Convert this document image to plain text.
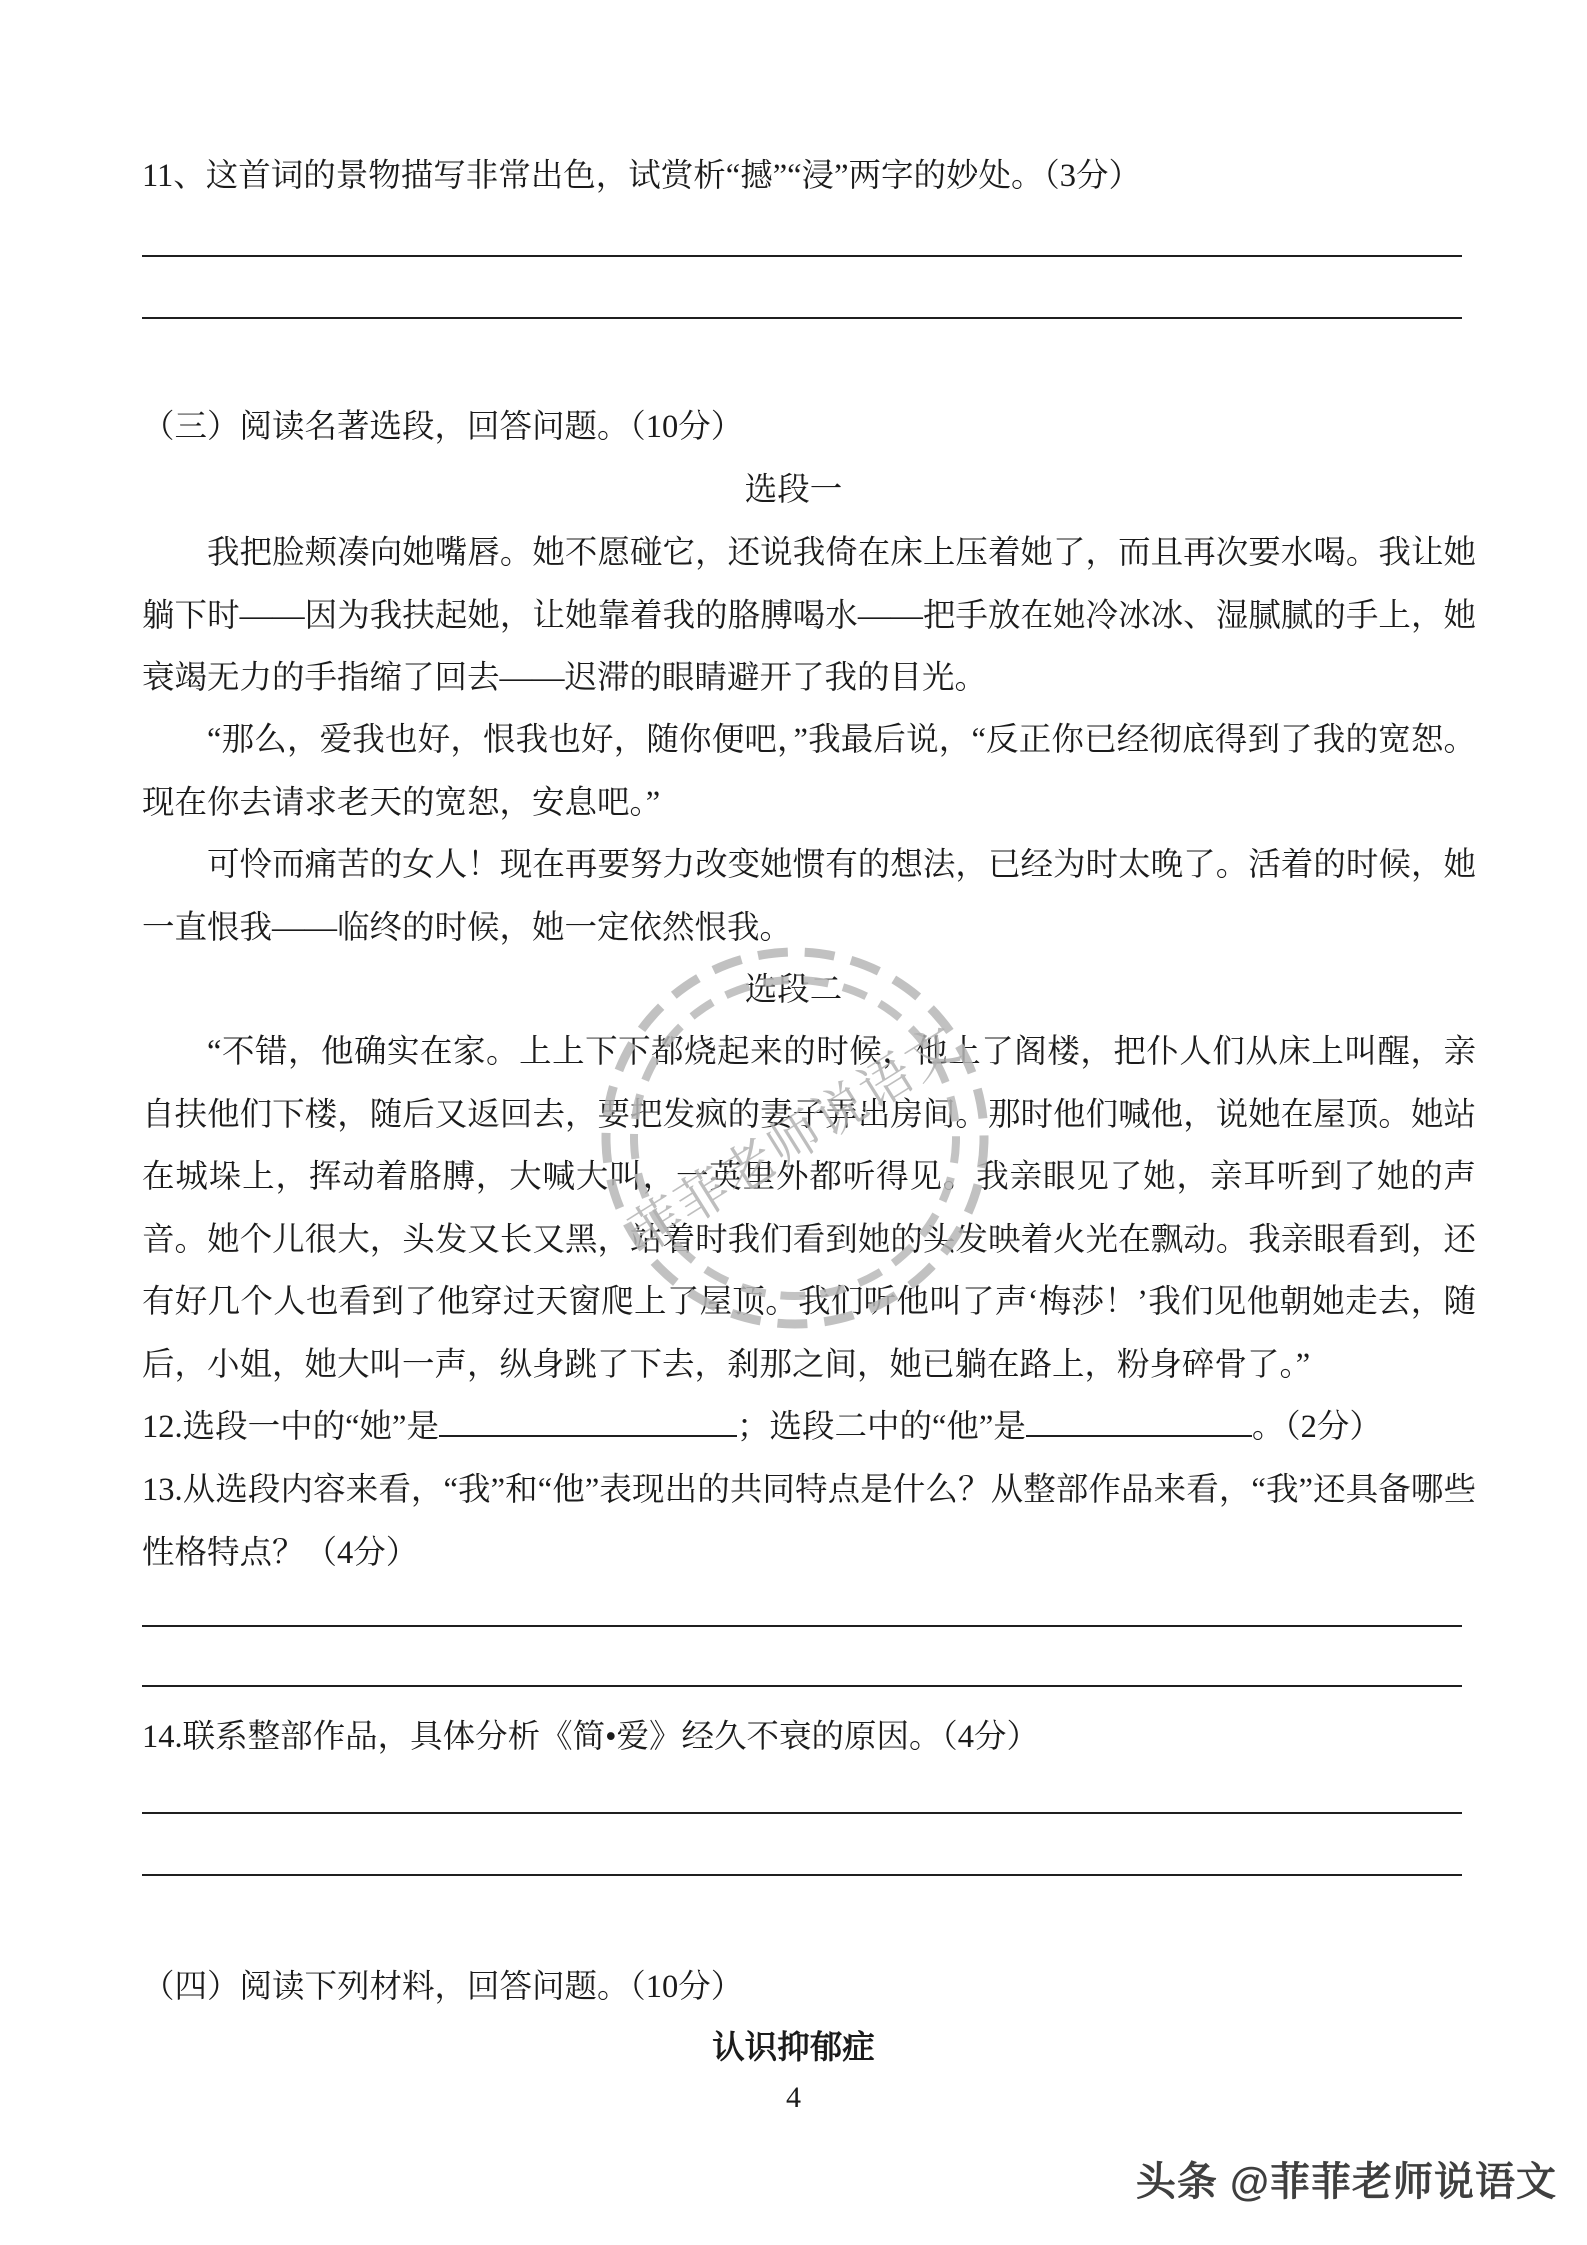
11、这首词的景物描写非常出色，试赏析“撼”“浸”两字的妙处。（3分）
（三）阅读名著选段，回答问题。（10分）
选段一
我把脸颊凑向她嘴唇。她不愿碰它，还说我倚在床上压着她了，而且再次要水喝。我让她躺下时——因为我扶起她，让她靠着我的胳膊喝水——把手放在她冷冰冰、湿腻腻的手上，她衰竭无力的手指缩了回去——迟滞的眼睛避开了我的目光。
“那么，爱我也好，恨我也好，随你便吧，”我最后说，“反正你已经彻底得到了我的宽恕。现在你去请求老天的宽恕，安息吧。”
可怜而痛苦的女人！现在再要努力改变她惯有的想法，已经为时太晚了。活着的时候，她一直恨我——临终的时候，她一定依然恨我。
选段二
“不错，他确实在家。上上下下都烧起来的时候，他上了阁楼，把仆人们从床上叫醒，亲自扶他们下楼，随后又返回去，要把发疯的妻子弄出房间。那时他们喊他，说她在屋顶。她站在城垛上，挥动着胳膊，大喊大叫，一英里外都听得见。我亲眼见了她，亲耳听到了她的声音。她个儿很大，头发又长又黑，站着时我们看到她的头发映着火光在飘动。我亲眼看到，还有好几个人也看到了他穿过天窗爬上了屋顶。我们听他叫了声‘梅莎！’我们见他朝她走去，随后，小姐，她大叫一声，纵身跳了下去，刹那之间，她已躺在路上，粉身碎骨了。”
12.选段一中的“她”是	；选段二中的“他”是	。（2分）
13.从选段内容来看，“我”和“他”表现出的共同特点是什么？从整部作品来看，“我”还具备哪些性格特点？（4分）
14.联系整部作品，具体分析《简•爱》经久不衰的原因。（4分）
（四）阅读下列材料，回答问题。（10分）
认识抑郁症
4
菲菲老师说语文
头条 @菲菲老师说语文
